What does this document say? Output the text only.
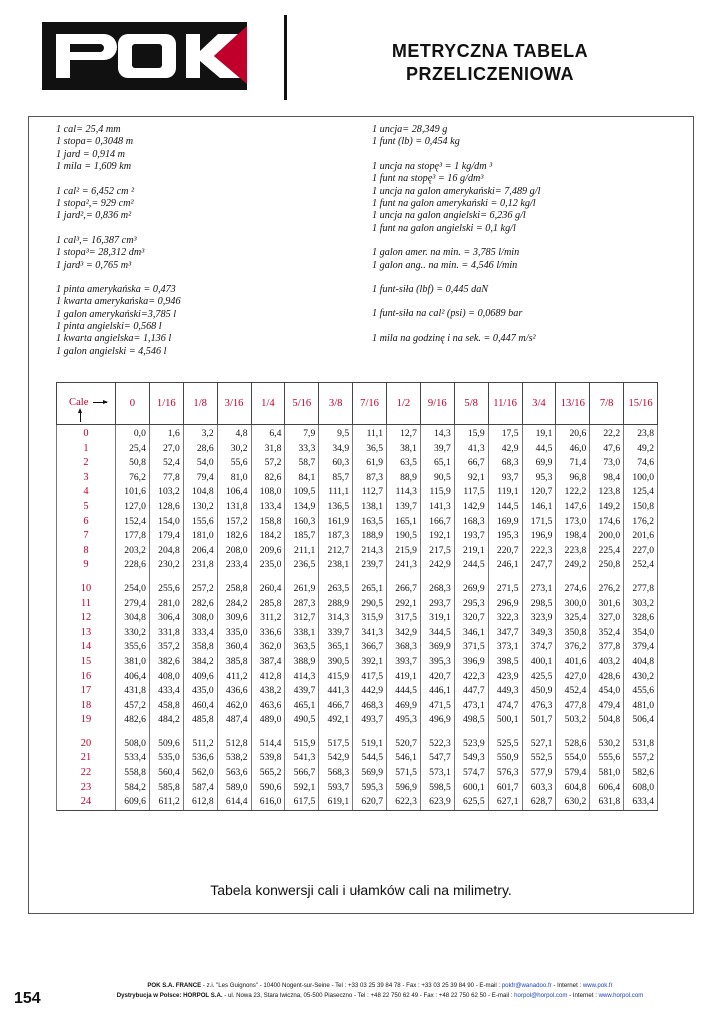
METRYCZNA TABELA
PRZELICZENIOWA
1 cal= 25,4 mm
1 stopa= 0,3048 m
1 jard = 0,914 m
1 mila = 1,609 km
1 cal² = 6,452 cm ²
1 stopa²,= 929 cm²
1 jard²,= 0,836 m²
1 cal³,= 16,387 cm³
1 stopa³= 28,312 dm³
1 jard³ = 0,765 m³
1 pinta amerykańska = 0,473
1 kwarta amerykańska= 0,946
1 galon amerykański=3,785 l
1 pinta angielski= 0,568 l
1 kwarta angielska= 1,136 l
1 galon angielski = 4,546 l
1 uncja= 28,349 g
1 funt (lb) = 0,454 kg
1 uncja na stopę³ = 1 kg/dm ³
1 funt na stopę³ = 16 g/dm³
1 uncja na galon amerykański= 7,489 g/l
1 funt na galon amerykański = 0,12 kg/l
1 uncja na galon angielski= 6,236 g/l
1 funt na galon angielski = 0,1 kg/l
1 galon amer. na min. = 3,785 l/min
1 galon ang.. na min. = 4,546 l/min
1 funt-siła (lbf) = 0,445 daN
1 funt-siła na cal² (psi) = 0,0689 bar
1 mila na godzinę i na sek. = 0,447 m/s²
Cale	0	1/16	1/8	3/16	1/4	5/16	3/8	7/16	1/2	9/16	5/8	11/16	3/4	13/16	7/8	15/16
0	0,0	1,6	3,2	4,8	6,4	7,9	9,5	11,1	12,7	14,3	15,9	17,5	19,1	20,6	22,2	23,8
1	25,4	27,0	28,6	30,2	31,8	33,3	34,9	36,5	38,1	39,7	41,3	42,9	44,5	46,0	47,6	49,2
2	50,8	52,4	54,0	55,6	57,2	58,7	60,3	61,9	63,5	65,1	66,7	68,3	69,9	71,4	73,0	74,6
3	76,2	77,8	79,4	81,0	82,6	84,1	85,7	87,3	88,9	90,5	92,1	93,7	95,3	96,8	98,4	100,0
4	101,6	103,2	104,8	106,4	108,0	109,5	111,1	112,7	114,3	115,9	117,5	119,1	120,7	122,2	123,8	125,4
5	127,0	128,6	130,2	131,8	133,4	134,9	136,5	138,1	139,7	141,3	142,9	144,5	146,1	147,6	149,2	150,8
6	152,4	154,0	155,6	157,2	158,8	160,3	161,9	163,5	165,1	166,7	168,3	169,9	171,5	173,0	174,6	176,2
7	177,8	179,4	181,0	182,6	184,2	185,7	187,3	188,9	190,5	192,1	193,7	195,3	196,9	198,4	200,0	201,6
8	203,2	204,8	206,4	208,0	209,6	211,1	212,7	214,3	215,9	217,5	219,1	220,7	222,3	223,8	225,4	227,0
9	228,6	230,2	231,8	233,4	235,0	236,5	238,1	239,7	241,3	242,9	244,5	246,1	247,7	249,2	250,8	252,4

10	254,0	255,6	257,2	258,8	260,4	261,9	263,5	265,1	266,7	268,3	269,9	271,5	273,1	274,6	276,2	277,8
11	279,4	281,0	282,6	284,2	285,8	287,3	288,9	290,5	292,1	293,7	295,3	296,9	298,5	300,0	301,6	303,2
12	304,8	306,4	308,0	309,6	311,2	312,7	314,3	315,9	317,5	319,1	320,7	322,3	323,9	325,4	327,0	328,6
13	330,2	331,8	333,4	335,0	336,6	338,1	339,7	341,3	342,9	344,5	346,1	347,7	349,3	350,8	352,4	354,0
14	355,6	357,2	358,8	360,4	362,0	363,5	365,1	366,7	368,3	369,9	371,5	373,1	374,7	376,2	377,8	379,4
15	381,0	382,6	384,2	385,8	387,4	388,9	390,5	392,1	393,7	395,3	396,9	398,5	400,1	401,6	403,2	404,8
16	406,4	408,0	409,6	411,2	412,8	414,3	415,9	417,5	419,1	420,7	422,3	423,9	425,5	427,0	428,6	430,2
17	431,8	433,4	435,0	436,6	438,2	439,7	441,3	442,9	444,5	446,1	447,7	449,3	450,9	452,4	454,0	455,6
18	457,2	458,8	460,4	462,0	463,6	465,1	466,7	468,3	469,9	471,5	473,1	474,7	476,3	477,8	479,4	481,0
19	482,6	484,2	485,8	487,4	489,0	490,5	492,1	493,7	495,3	496,9	498,5	500,1	501,7	503,2	504,8	506,4

20	508,0	509,6	511,2	512,8	514,4	515,9	517,5	519,1	520,7	522,3	523,9	525,5	527,1	528,6	530,2	531,8
21	533,4	535,0	536,6	538,2	539,8	541,3	542,9	544,5	546,1	547,7	549,3	550,9	552,5	554,0	555,6	557,2
22	558,8	560,4	562,0	563,6	565,2	566,7	568,3	569,9	571,5	573,1	574,7	576,3	577,9	579,4	581,0	582,6
23	584,2	585,8	587,4	589,0	590,6	592,1	593,7	595,3	596,9	598,5	600,1	601,7	603,3	604,8	606,4	608,0
24	609,6	611,2	612,8	614,4	616,0	617,5	619,1	620,7	622,3	623,9	625,5	627,1	628,7	630,2	631,8	633,4
Tabela konwersji cali i ułamków cali na milimetry.
154
POK S.A. FRANCE - z.i. "Les Guignons" - 10400 Nogent-sur-Seine - Tel : +33 03 25 39 84 78 - Fax : +33 03 25 39 84 90 - E-mail : pokfr@wanadoo.fr - Internet : www.pok.fr
Dystrybucja w Polsce: HORPOL S.A. - ul. Nowa 23, Stara Iwiczna, 05-500 Piaseczno - Tel : +48 22 750 62 49 - Fax : +48 22 750 62 50 - E-mail : horpol@horpol.com - Internet : www.horpol.com
